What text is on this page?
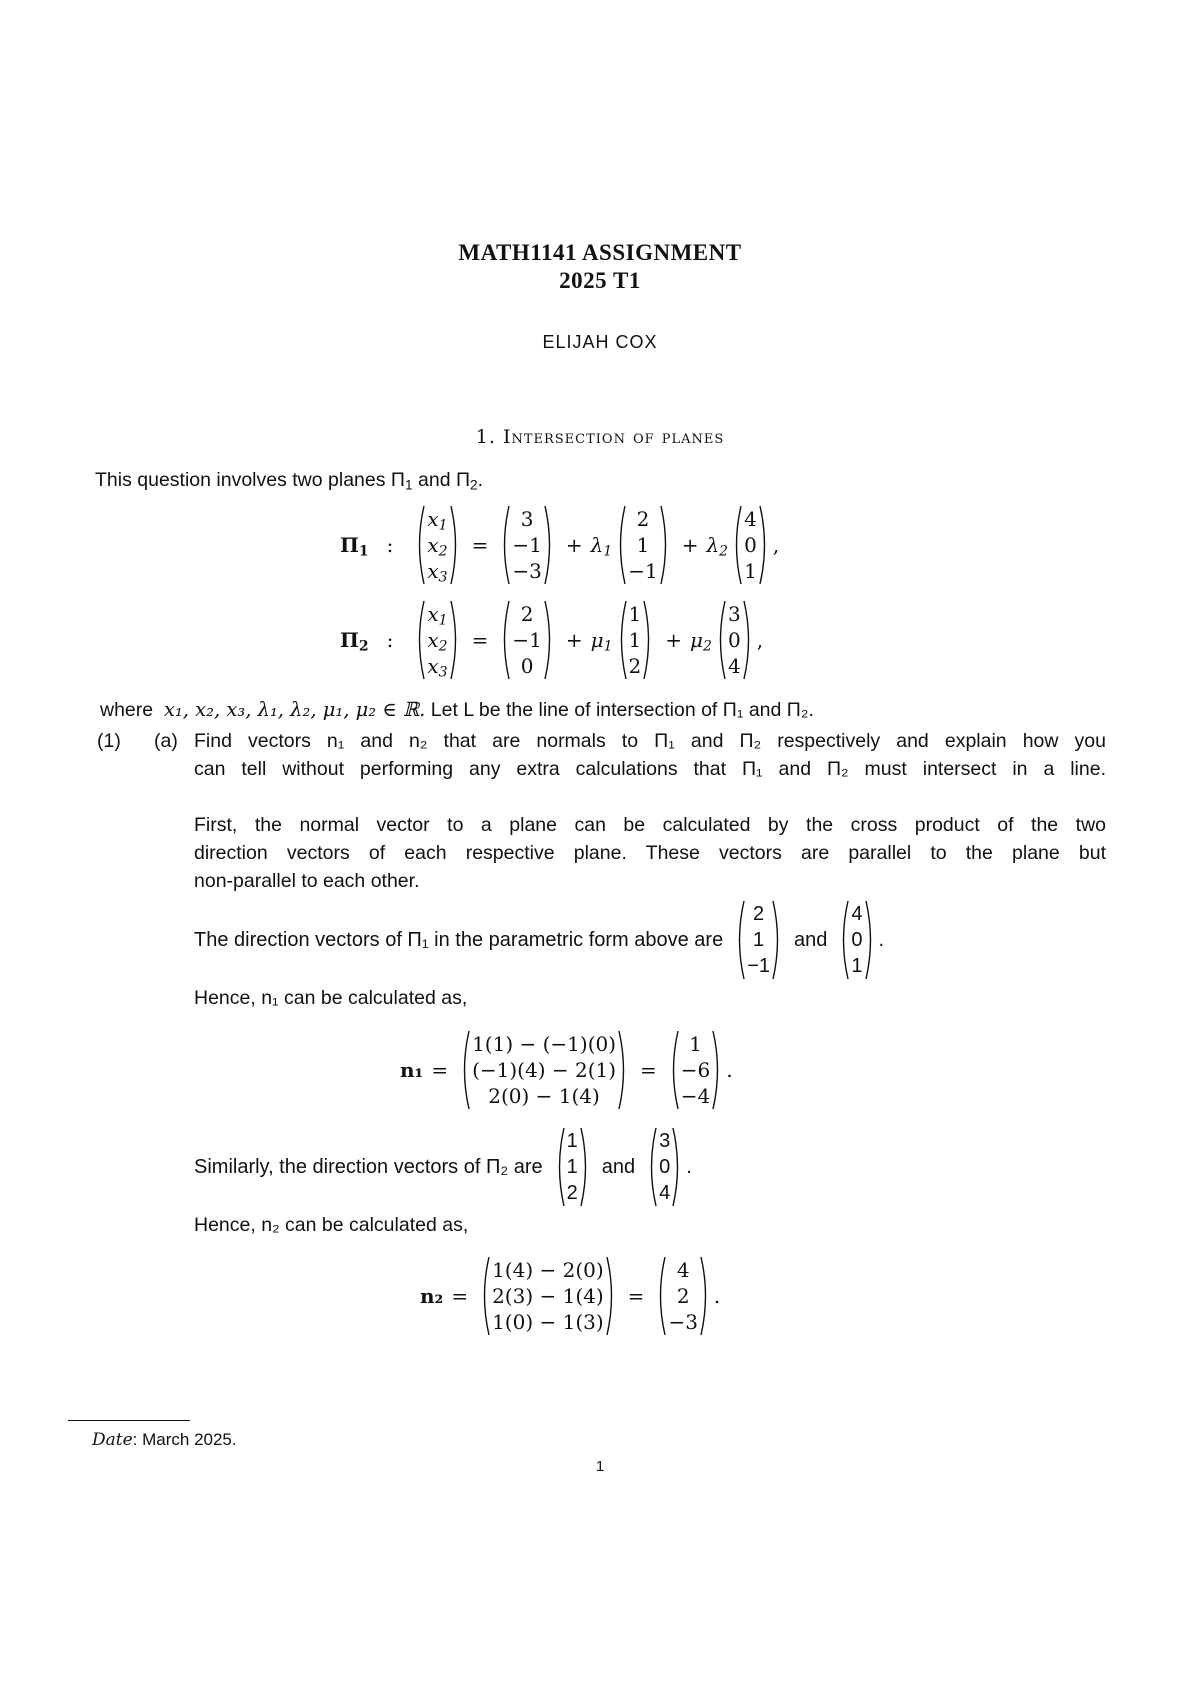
MATH1141 ASSIGNMENT
2025 T1
ELIJAH COX
1. Intersection of planes
This question involves two planes $\Pi_1$ and $\Pi_2$.
$\Pi_1$ :
$x_1$
$x_2$
$x_3$
=
3
−1
−3
+ $\lambda_1$
2
1
−1
+ $\lambda_2$
4
0
1
,
$\Pi_2$ :
$x_1$
$x_2$
$x_3$
=
2
−1
0
+ $\mu_1$
1
1
2
+ $\mu_2$
3
0
4
,
where x₁, x₂, x₃, λ₁, λ₂, μ₁, μ₂ ∈ ℝ. Let L be the line of intersection of Π₁ and Π₂.
(1) (a) Find vectors n₁ and n₂ that are normals to Π₁ and Π₂ respectively and explain how you
can tell without performing any extra calculations that Π₁ and Π₂ must intersect in a line.
First, the normal vector to a plane can be calculated by the cross product of the two
direction vectors of each respective plane. These vectors are parallel to the plane but
non-parallel to each other.
The direction vectors of Π₁ in the parametric form above are
2
1
−1
and
4
0
1
.
Hence, n₁ can be calculated as,
n₁ =
1(1) − (−1)(0)
(−1)(4) − 2(1)
2(0) − 1(4)
=
1
−6
−4
.
Similarly, the direction vectors of Π₂ are
1
1
2
and
3
0
4
.
Hence, n₂ can be calculated as,
n₂ =
1(4) − 2(0)
2(3) − 1(4)
1(0) − 1(3)
=
4
2
−3
.
Date: March 2025.
1
